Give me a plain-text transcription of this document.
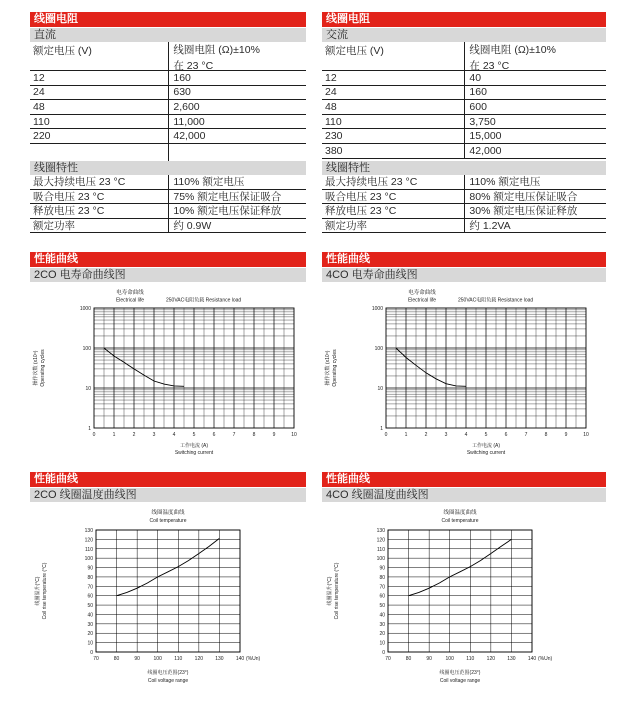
线圈电阻
直流
额定电压 (V)	线圈电阻 (Ω)±10%
在 23 °C
12	160
24	630
48	2,600
110	11,000
220	42,000
线圈特性
最大持续电压 23 °C	110% 额定电压
吸合电压 23 °C	75% 额定电压保证吸合
释放电压 23 °C	10% 额定电压保证释放
额定功率	约 0.9W
性能曲线
2CO 电寿命曲线图
电寿命曲线
Electrical life	250VAC电阻负载 Resistance load
1
10
100
1000
0	1	2	3	4	5	6	7	8	9	10
操作次数 (x10⁴) Operating cycles
工作电流 (A)
Switching current
性能曲线
2CO 线圈温度曲线图
线圈温度曲线
Coil temperature
0
10
20
30
40
50
60
70
80
90
100
110
120
130
70	80	90	100 110 120 130 140 (%Un)
线圈温升(°C) Coil rise temperature (°C)
线圈电压范围(23°)
Coil voltage range
线圈电阻
交流
额定电压 (V)	线圈电阻 (Ω)±10%
在 23 °C
12	40
24	160
48	600
110	3,750
230	15,000
380	42,000
线圈特性
最大持续电压 23 °C	110% 额定电压
吸合电压 23 °C	80% 额定电压保证吸合
释放电压 23 °C	30% 额定电压保证释放
额定功率	约 1.2VA
性能曲线
4CO 电寿命曲线图
电寿命曲线
Electrical life	250VAC电阻负载 Resistance load
1
10
100
1000
0	1	2	3	4	5	6	7	8	9	10
操作次数 (x10⁴) Operating cycles
工作电流 (A)
Switching current
性能曲线
4CO 线圈温度曲线图
线圈温度曲线
Coil temperature
0
10
20
30
40
50
60
70
80
90
100
110
120
130
70	80	90	100 110 120 130 140 (%Un)
线圈温升(°C) Coil rise temperature (°C)
线圈电压范围(23°)
Coil voltage range
